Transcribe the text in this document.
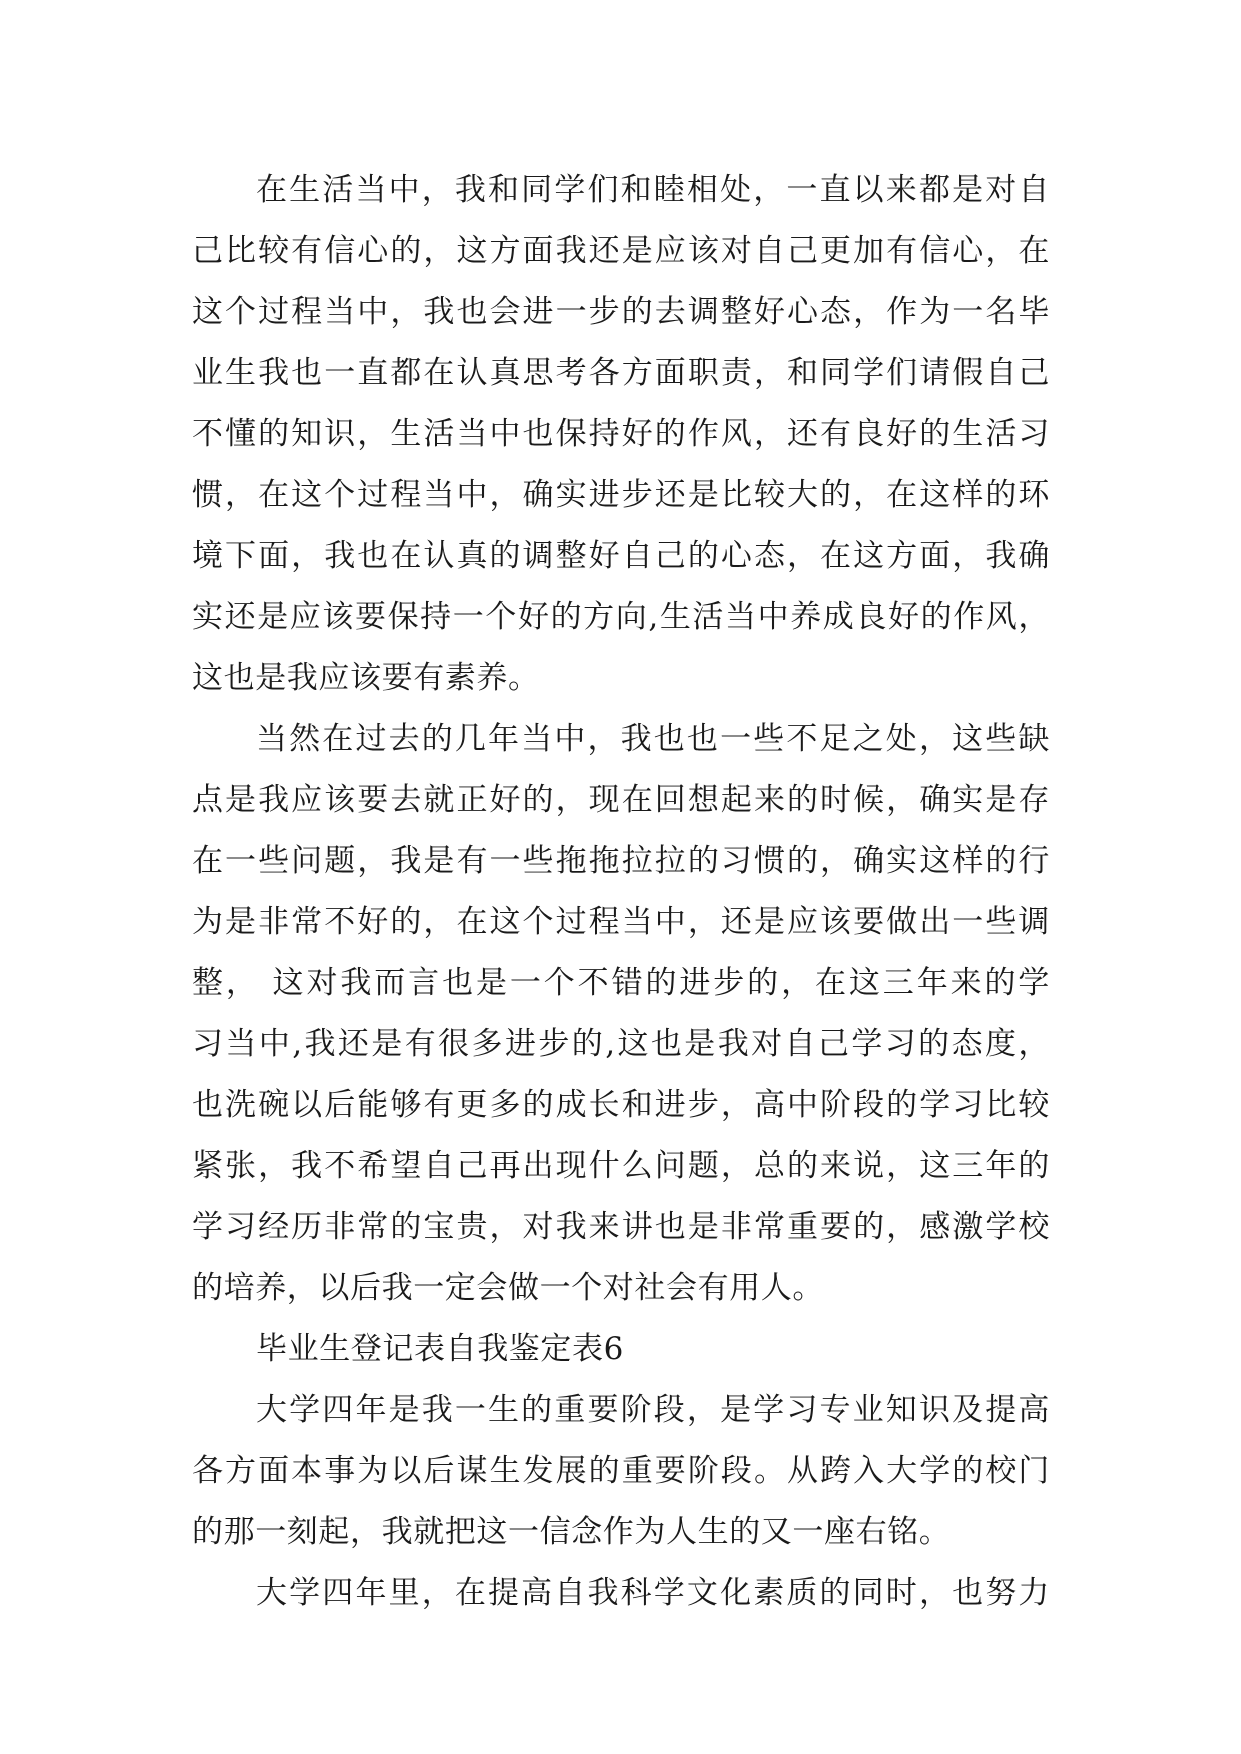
在生活当中，我和同学们和睦相处，一直以来都是对自
己比较有信心的，这方面我还是应该对自己更加有信心，在
这个过程当中，我也会进一步的去调整好心态，作为一名毕
业生我也一直都在认真思考各方面职责，和同学们请假自己
不懂的知识，生活当中也保持好的作风，还有良好的生活习
惯，在这个过程当中，确实进步还是比较大的，在这样的环
境下面，我也在认真的调整好自己的心态，在这方面，我确
实还是应该要保持一个好的方向,生活当中养成良好的作风，
这也是我应该要有素养。
当然在过去的几年当中，我也也一些不足之处，这些缺
点是我应该要去就正好的，现在回想起来的时候，确实是存
在一些问题，我是有一些拖拖拉拉的习惯的，确实这样的行
为是非常不好的，在这个过程当中，还是应该要做出一些调
整， 这对我而言也是一个不错的进步的，在这三年来的学
习当中,我还是有很多进步的,这也是我对自己学习的态度，
也洗碗以后能够有更多的成长和进步，高中阶段的学习比较
紧张，我不希望自己再出现什么问题，总的来说，这三年的
学习经历非常的宝贵，对我来讲也是非常重要的，感激学校
的培养，以后我一定会做一个对社会有用人。
毕业生登记表自我鉴定表6
大学四年是我一生的重要阶段，是学习专业知识及提高
各方面本事为以后谋生发展的重要阶段。从跨入大学的校门
的那一刻起，我就把这一信念作为人生的又一座右铭。
大学四年里，在提高自我科学文化素质的同时，也努力
